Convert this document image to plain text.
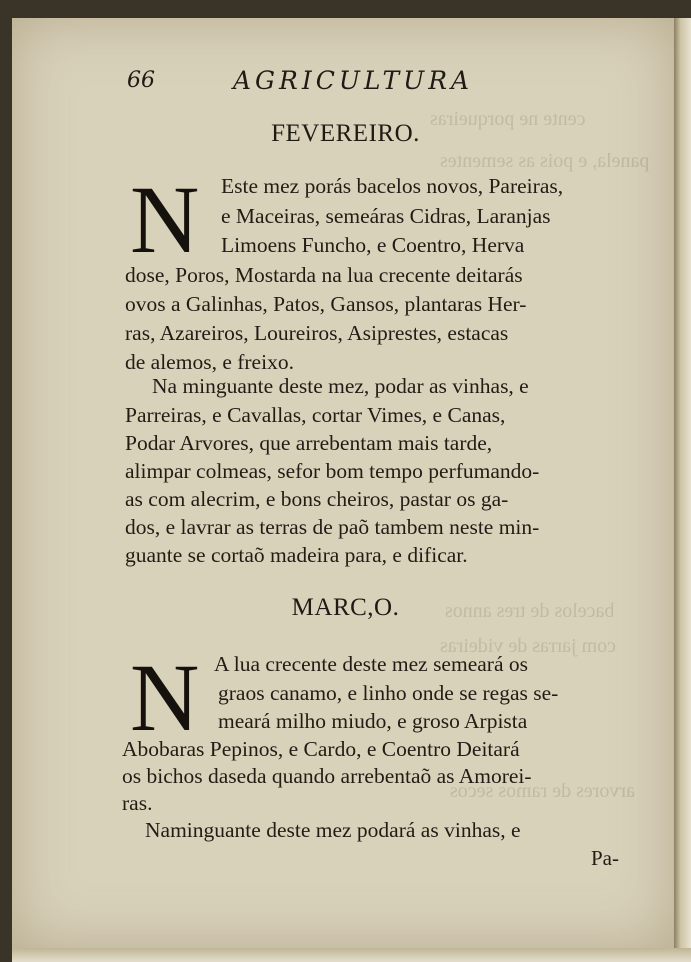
cente ne porqueiras
panela, e pois as sementes
bacelos de tres annos
com jarras de videiras
arvores de ramos secos
66	AGRICULTURA
FEVEREIRO.
N Este mez porás bacelos novos, Pareiras,
e Maceiras, semeáras Cidras, Laranjas
Limoens Funcho, e Coentro, Herva
dose, Poros, Mostarda na lua crecente deitarás
ovos a Galinhas, Patos, Gansos, plantaras Her-
ras, Azareiros, Loureiros, Asiprestes, estacas
de alemos, e freixo.
Na minguante deste mez, podar as vinhas, e
Parreiras, e Cavallas, cortar Vimes, e Canas,
Podar Arvores, que arrebentam mais tarde,
alimpar colmeas, sefor bom tempo perfumando-
as com alecrim, e bons cheiros, pastar os ga-
dos, e lavrar as terras de paõ tambem neste min-
guante se cortaõ madeira para, e dificar.
MARC,O.
N A lua crecente deste mez semeará os
graos canamo, e linho onde se regas se-
meará milho miudo, e groso Arpista
Abobaras Pepinos, e Cardo, e Coentro Deitará
os bichos daseda quando arrebentaõ as Amorei-
ras.
Naminguante deste mez podará as vinhas, e
Pa-
